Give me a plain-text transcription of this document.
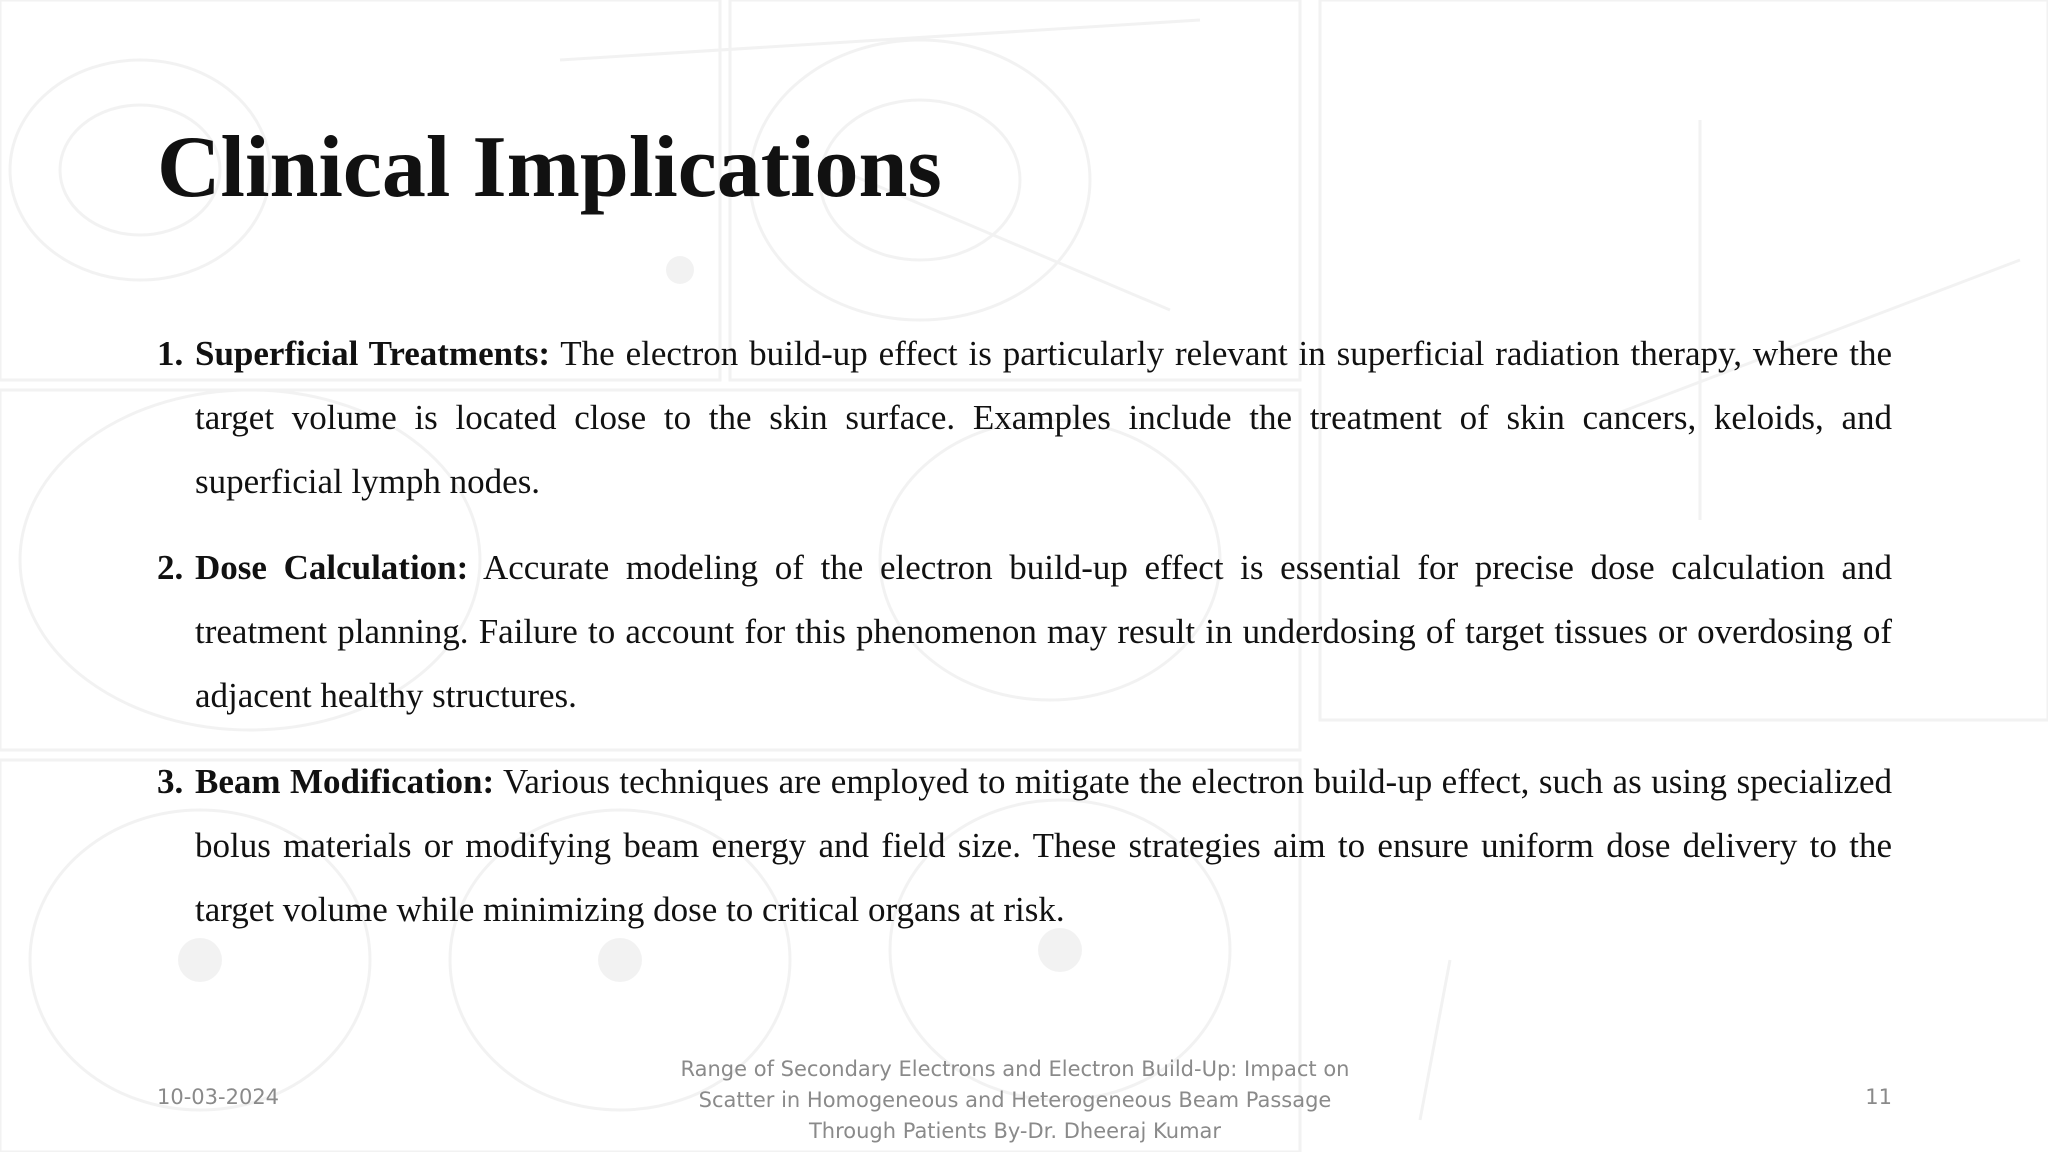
Clinical Implications
1. Superficial Treatments: The electron build-up effect is particularly relevant in superficial radiation therapy, where the target volume is located close to the skin surface. Examples include the treatment of skin cancers, keloids, and superficial lymph nodes.
2. Dose Calculation: Accurate modeling of the electron build-up effect is essential for precise dose calculation and treatment planning. Failure to account for this phenomenon may result in underdosing of target tissues or overdosing of adjacent healthy structures.
3. Beam Modification: Various techniques are employed to mitigate the electron build-up effect, such as using specialized bolus materials or modifying beam energy and field size. These strategies aim to ensure uniform dose delivery to the target volume while minimizing dose to critical organs at risk.
10-03-2024
Range of Secondary Electrons and Electron Build-Up: Impact on
Scatter in Homogeneous and Heterogeneous Beam Passage
Through Patients By-Dr. Dheeraj Kumar
11
